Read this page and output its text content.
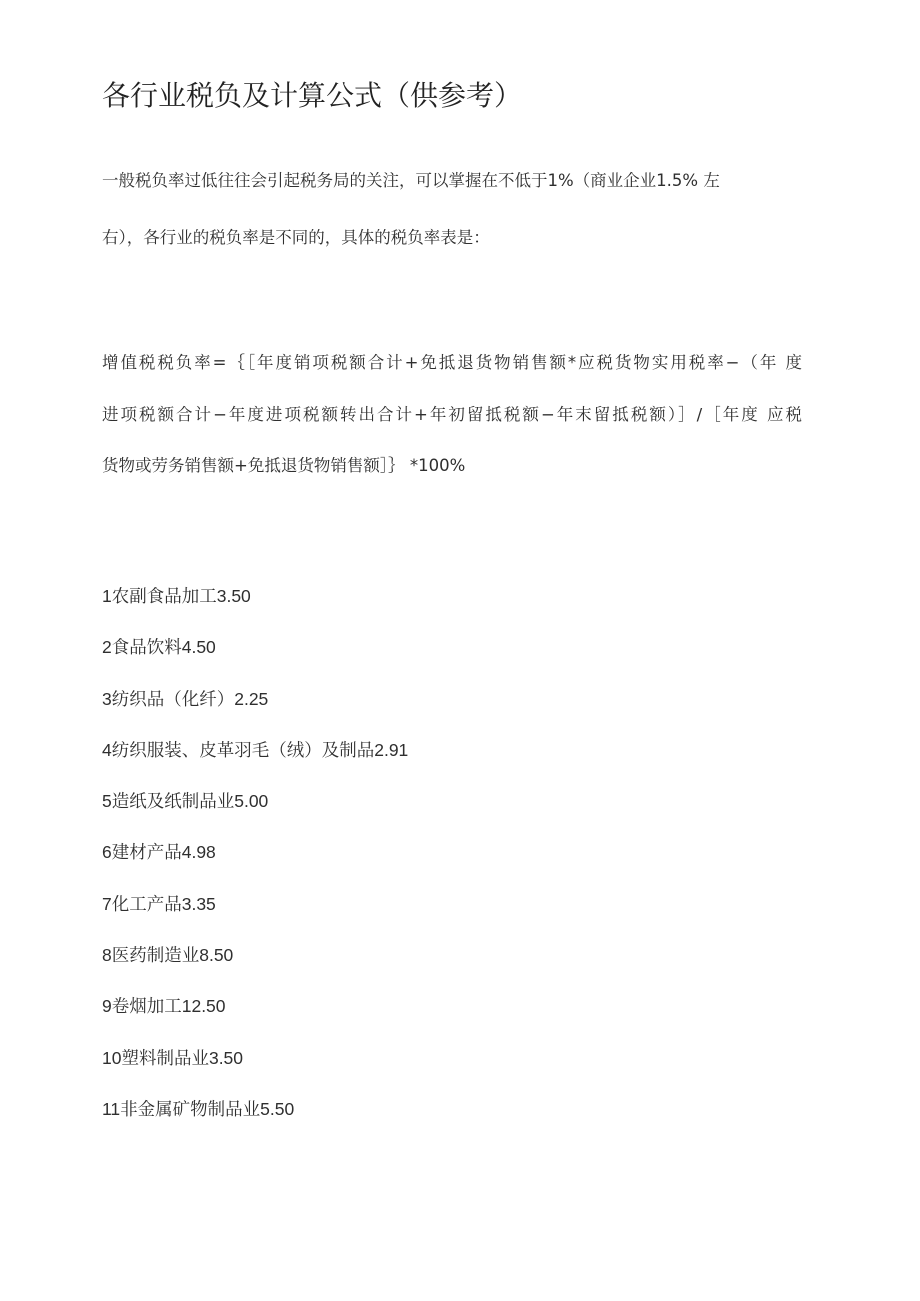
各行业税负及计算公式（供参考）

一般税负率过低往往会引起税务局的关注，可以掌握在不低于1%（商业企业1.5% 左
右），各行业的税负率是不同的，具体的税负率表是：

增值税税负率=｛［年度销项税额合计+免抵退货物销售额*应税货物实用税率−（年 度
进项税额合计−年度进项税额转出合计+年初留抵税额−年末留抵税额）］∕［年度 应税
货物或劳务销售额+免抵退货物销售额］｝ *100%

1农副食品加工3.50
2食品饮料4.50
3纺织品（化纤）2.25
4纺织服装、皮革羽毛（绒）及制品2.91
5造纸及纸制品业5.00
6建材产品4.98
7化工产品3.35
8医药制造业8.50
9卷烟加工12.50
10塑料制品业3.50
11非金属矿物制品业5.50
